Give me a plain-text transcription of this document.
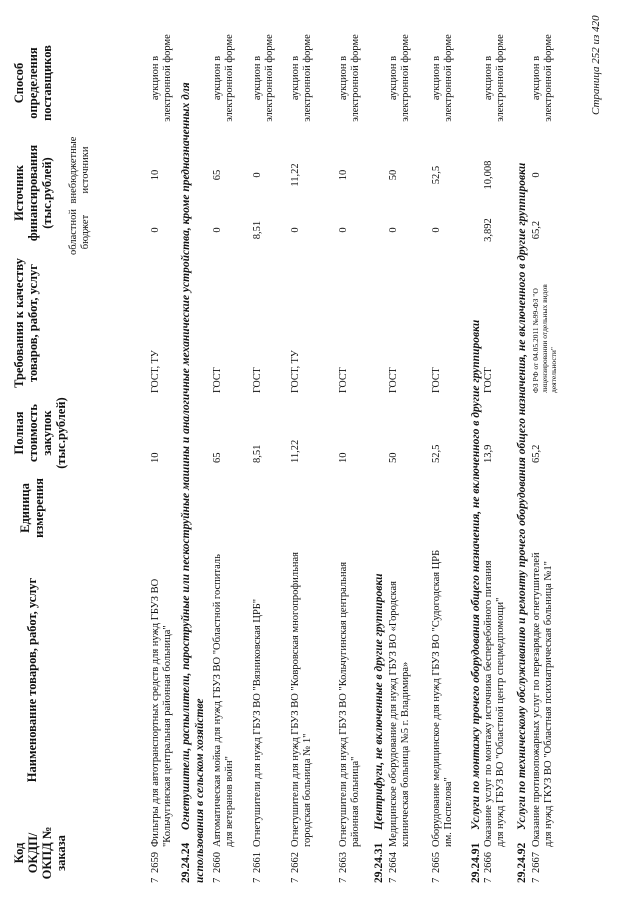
Код ОКДП/ ОКПД № заказа
Наименование товаров, работ, услуг
Единица измерения
Полная стоимость закупок (тыс.рублей)
Требования к качеству товаров, работ, услуг
Источник финансирования (тыс.рублей)
областной бюджет
внебюджетные источники
Способ определения поставщиков
7
2659
Фильтры для автотранспортных средств для нужд ГБУЗ ВО "Кольчугинская центральная районная больница"
10
ГОСТ, ТУ
0
10
аукцион в электронной форме
29.24.24Огнетушители, распылители, пароструйные или пескоструйные машины и аналогичные механические устройства, кроме предназначенных для использования в сельском хозяйстве 7
2660
Автоматическая мойка для нужд ГБУЗ ВО "Областной госпиталь для ветеранов войн"
65
ГОСТ
0
65
аукцион в электронной форме
7
2661
Огнетушители для нужд ГБУЗ ВО "Вязниковская ЦРБ"
8,51
ГОСТ
8,51
0
аукцион в электронной форме
7
2662
Огнетушители для нужд ГБУЗ ВО "Ковровская многопрофильная городская больница № 1"
11,22
ГОСТ, ТУ
0
11,22
аукцион в электронной форме
7
2663
Огнетушители для нужд ГБУЗ ВО "Кольчугинская центральная районная больница"
10
ГОСТ
0
10
аукцион в электронной форме
29.24.31Центрифуги, не включенные в другие группировки
7
2664
Медицинское оборудование для нужд ГБУЗ ВО «Городская клиническая больница №5 г. Владимира»
50
ГОСТ
0
50
аукцион в электронной форме
7
2665
Оборудование медицинское для нужд ГБУЗ ВО "Судогодская ЦРБ им. Поспелова"
52,5
ГОСТ
0
52,5
аукцион в электронной форме
29.24.91Услуги по монтажу прочего оборудования общего назначения, не включенного в другие группировки
7
2666
Оказание услуг по монтажу источника бесперебойного питания для нужд ГБУЗ ВО "Областной центр спецмедпомощи"
13,9
ГОСТ
3,892
10,008
аукцион в электронной форме
29.24.92Услуги по техническому обслуживанию и ремонту прочего оборудования общего назначения, не включенного в другие группировки
7
2667
Оказание противопожарных услуг по перезарядке огнетушителей для нужд ГКУЗ ВО "Областная психиатрическая больница №1"
65,2
ФЗ РФ от 04.05.2011 №99-ФЗ "О лицензировании отдельных видов деятельности"
65,2
0
аукцион в электронной форме	Страница 252 из 420
